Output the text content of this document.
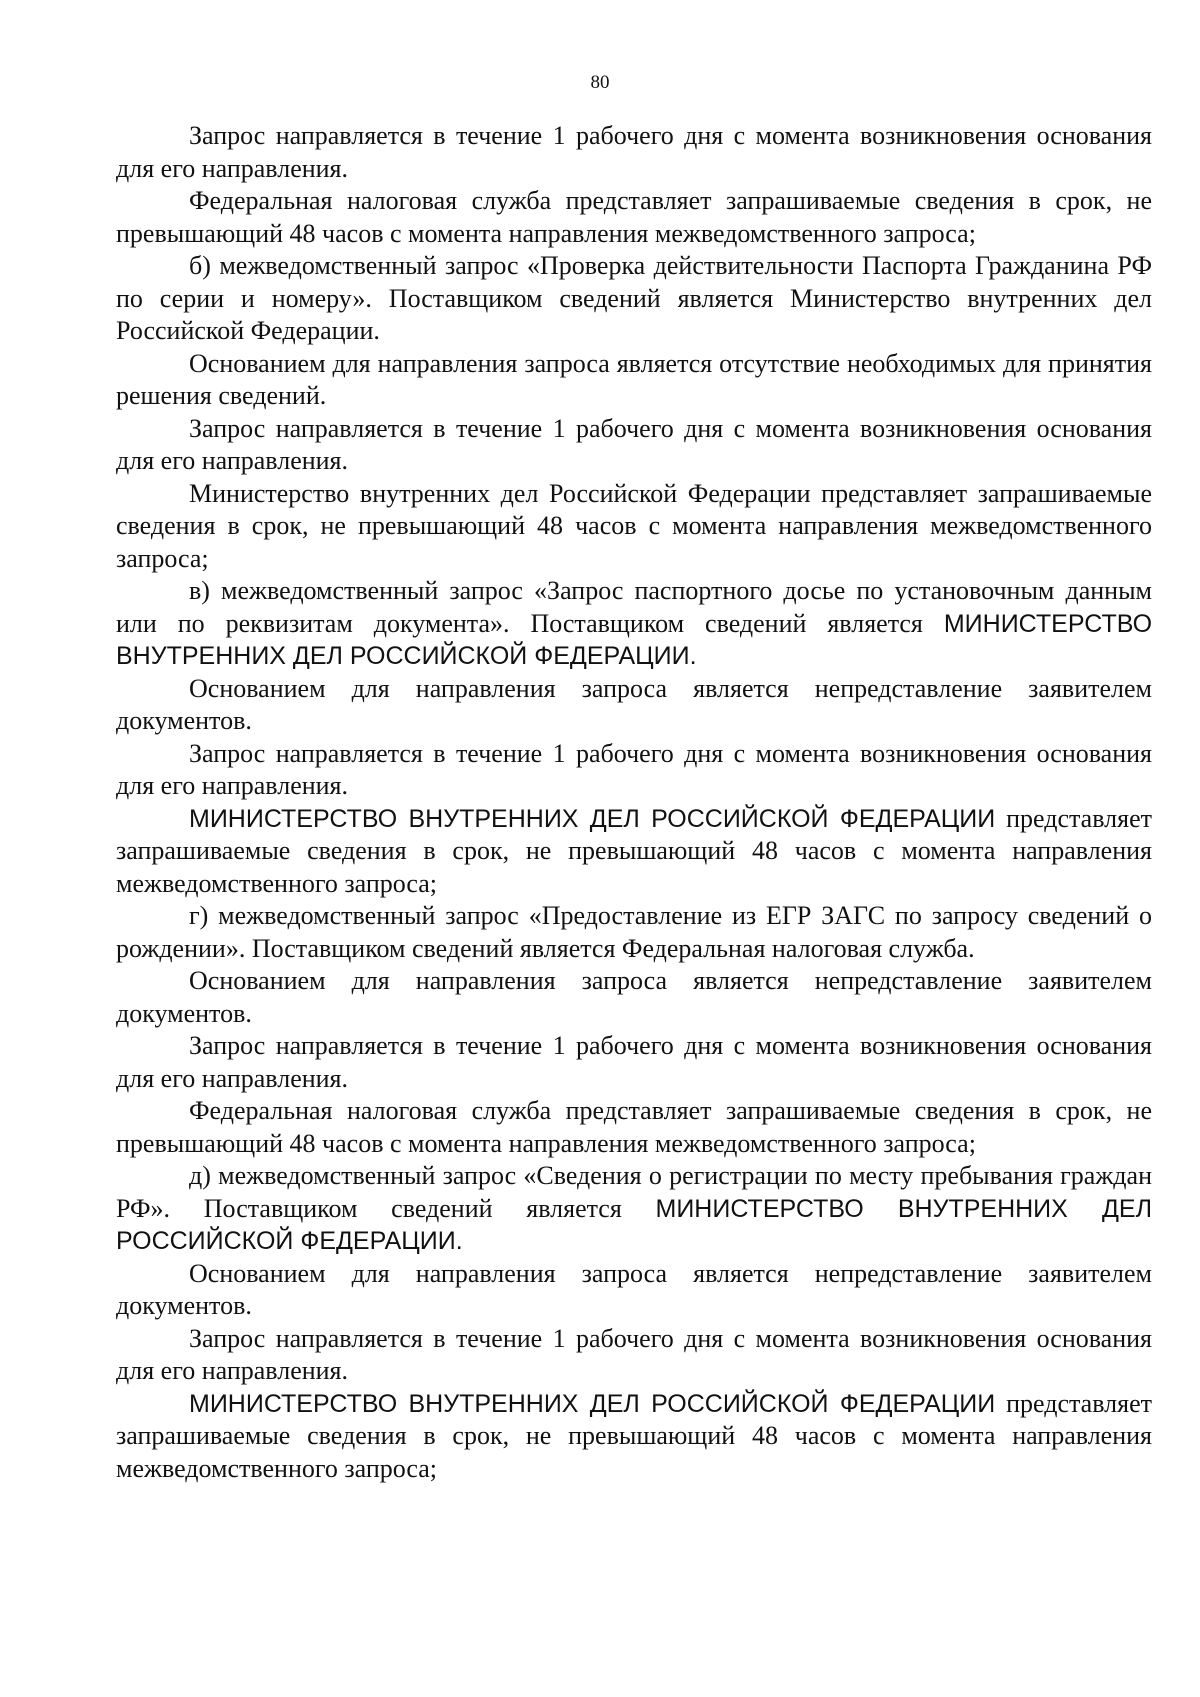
80

Запрос направляется в течение 1 рабочего дня с момента возникновения основания для его направления.

Федеральная налоговая служба представляет запрашиваемые сведения в срок, не превышающий 48 часов с момента направления межведомственного запроса;

б) межведомственный запрос «Проверка действительности Паспорта Гражданина РФ по серии и номеру». Поставщиком сведений является Министерство внутренних дел Российской Федерации.

Основанием для направления запроса является отсутствие необходимых для принятия решения сведений.

Запрос направляется в течение 1 рабочего дня с момента возникновения основания для его направления.

Министерство внутренних дел Российской Федерации представляет запрашиваемые сведения в срок, не превышающий 48 часов с момента направления межведомственного запроса;

в) межведомственный запрос «Запрос паспортного досье по установочным данным или по реквизитам документа». Поставщиком сведений является МИНИСТЕРСТВО ВНУТРЕННИХ ДЕЛ РОССИЙСКОЙ ФЕДЕРАЦИИ.

Основанием для направления запроса является непредставление заявителем документов.

Запрос направляется в течение 1 рабочего дня с момента возникновения основания для его направления.

МИНИСТЕРСТВО ВНУТРЕННИХ ДЕЛ РОССИЙСКОЙ ФЕДЕРАЦИИ представляет запрашиваемые сведения в срок, не превышающий 48 часов с момента направления межведомственного запроса;

г) межведомственный запрос «Предоставление из ЕГР ЗАГС по запросу сведений о рождении». Поставщиком сведений является Федеральная налоговая служба.

Основанием для направления запроса является непредставление заявителем документов.

Запрос направляется в течение 1 рабочего дня с момента возникновения основания для его направления.

Федеральная налоговая служба представляет запрашиваемые сведения в срок, не превышающий 48 часов с момента направления межведомственного запроса;

д) межведомственный запрос «Сведения о регистрации по месту пребывания граждан РФ». Поставщиком сведений является МИНИСТЕРСТВО ВНУТРЕННИХ ДЕЛ РОССИЙСКОЙ ФЕДЕРАЦИИ.

Основанием для направления запроса является непредставление заявителем документов.

Запрос направляется в течение 1 рабочего дня с момента возникновения основания для его направления.

МИНИСТЕРСТВО ВНУТРЕННИХ ДЕЛ РОССИЙСКОЙ ФЕДЕРАЦИИ представляет запрашиваемые сведения в срок, не превышающий 48 часов с момента направления межведомственного запроса;
